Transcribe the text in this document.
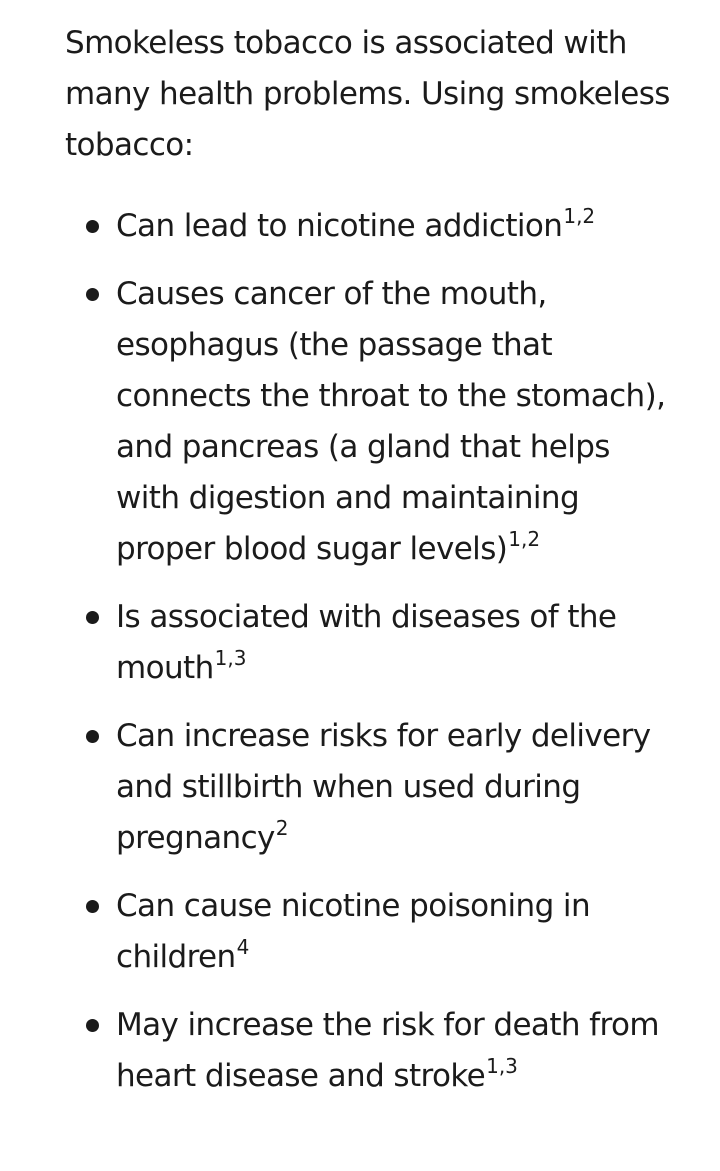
Smokeless tobacco is associated with many health problems. Using smokeless tobacco:

Can lead to nicotine addiction$^{1,2}$
Causes cancer of the mouth, esophagus (the passage that connects the throat to the stomach), and pancreas (a gland that helps with digestion and maintaining proper blood sugar levels)$^{1,2}$
Is associated with diseases of the mouth$^{1,3}$
Can increase risks for early delivery and stillbirth when used during pregnancy$^2$
Can cause nicotine poisoning in children$^4$
May increase the risk for death from heart disease and stroke$^{1,3}$
